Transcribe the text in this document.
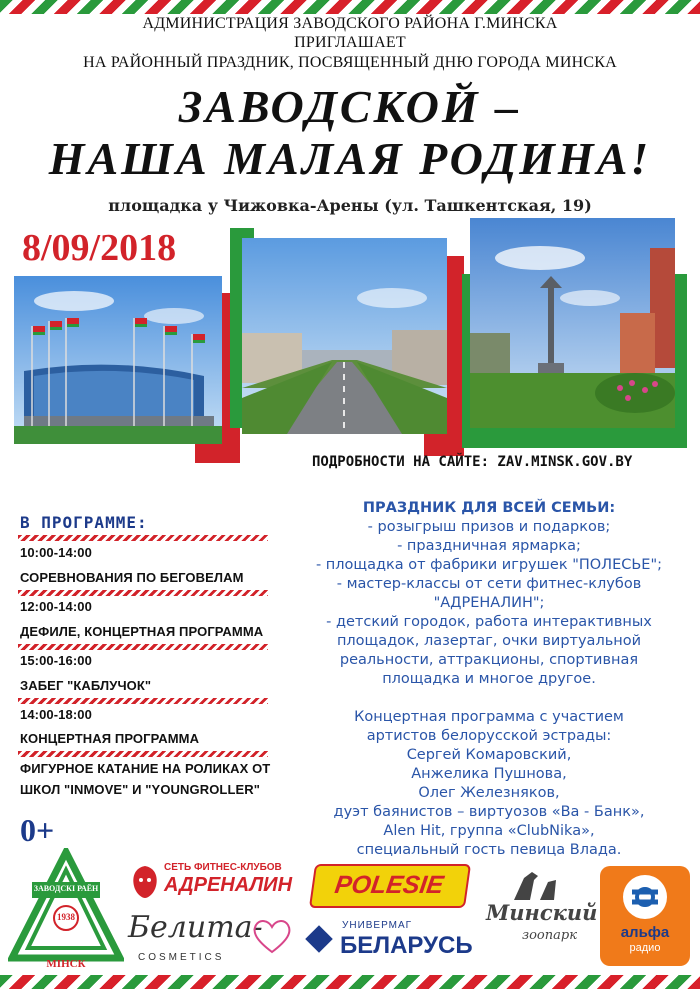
АДМИНИСТРАЦИЯ ЗАВОДСКОГО РАЙОНА Г.МИНСКА
ПРИГЛАШАЕТ
НА РАЙОННЫЙ ПРАЗДНИК, ПОСВЯЩЕННЫЙ ДНЮ ГОРОДА МИНСКА
ЗАВОДСКОЙ –
НАША МАЛАЯ РОДИНА!
площадка у Чижовка-Арены (ул. Ташкентская, 19)
8/09/2018
ПОДРОБНОСТИ НА САЙТЕ: ZAV.MINSK.GOV.BY
В ПРОГРАММЕ:
10:00-14:00
СОРЕВНОВАНИЯ ПО БЕГОВЕЛАМ
12:00-14:00
ДЕФИЛЕ, КОНЦЕРТНАЯ ПРОГРАММА
15:00-16:00
ЗАБЕГ "КАБЛУЧОК"
14:00-18:00
КОНЦЕРТНАЯ ПРОГРАММА
ФИГУРНОЕ КАТАНИЕ НА РОЛИКАХ ОТ
ШКОЛ "INMOVE" И "YOUNGROLLER"
ПРАЗДНИК ДЛЯ ВСЕЙ СЕМЬИ:
- розыгрыш призов и подарков;
- праздничная ярмарка;
- площадка от фабрики игрушек "ПОЛЕСЬЕ";
- мастер-классы от сети фитнес-клубов
"АДРЕНАЛИН";
- детский городок, работа интерактивных
площадок, лазертаг, очки виртуальной
реальности, аттракционы, спортивная
площадка и многое другое.
Концертная программа с участием
артистов белорусской эстрады:
Сергей Комаровский,
Анжелика Пушнова,
Олег Железняков,
дуэт баянистов – виртуозов «Ва - Банк»,
Alen Hit, группа «ClubNika»,
специальный гость певица Влада.
0+
ЗАВОДСКІ РАЁН
1938
МІНСК
СЕТЬ ФИТНЕС-КЛУБОВ
АДРЕНАЛИН	POLESIE
Белита-
COSMETICS
УНИВЕРМАГ
БЕЛАРУСЬ
Минский
зоопарк	альфа
радио
